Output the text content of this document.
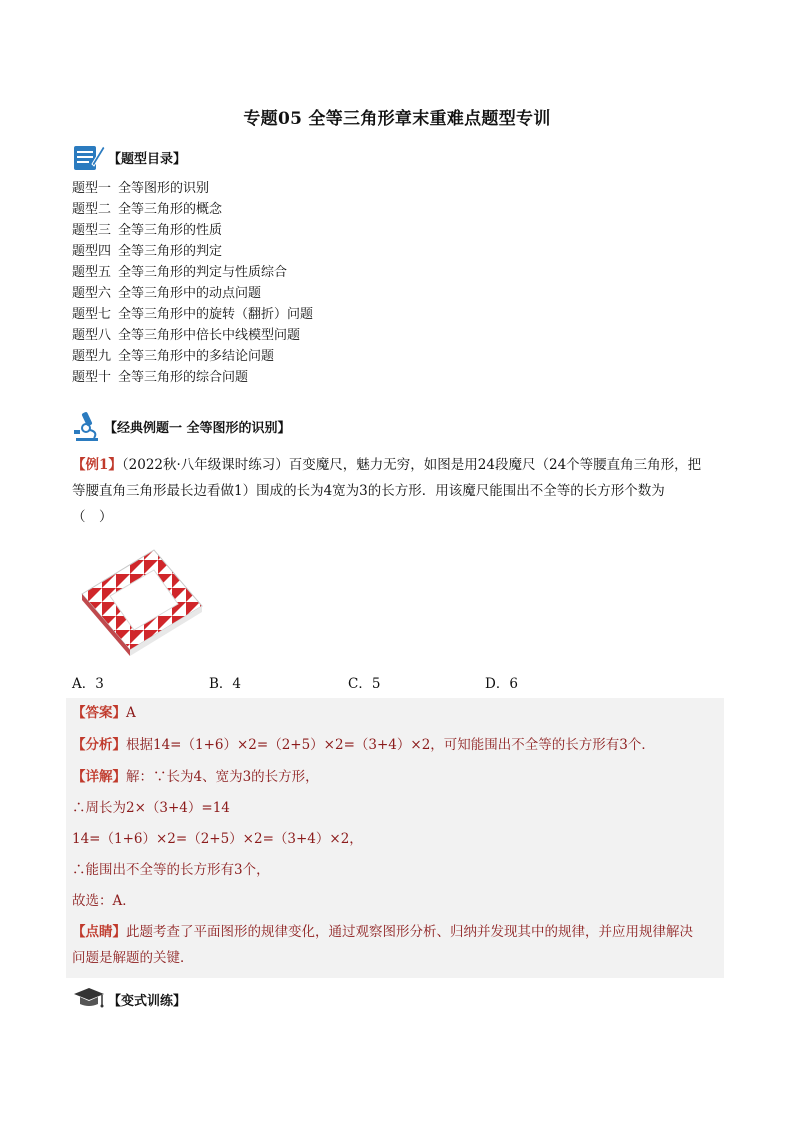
专题05 全等三角形章末重难点题型专训
【题型目录】
题型一 全等图形的识别
题型二 全等三角形的概念
题型三 全等三角形的性质
题型四 全等三角形的判定
题型五 全等三角形的判定与性质综合
题型六 全等三角形中的动点问题
题型七 全等三角形中的旋转（翻折）问题
题型八 全等三角形中倍长中线模型问题
题型九 全等三角形中的多结论问题
题型十 全等三角形的综合问题
【经典例题一 全等图形的识别】
【例1】（2022秋·八年级课时练习）百变魔尺，魅力无穷，如图是用24段魔尺（24个等腰直角三角形，把
等腰直角三角形最长边看做1）围成的长为4宽为3的长方形．用该魔尺能围出不全等的长方形个数为
（　）
A．3	B．4	C．5	D．6
【答案】A
【分析】根据14=（1+6）×2=（2+5）×2=（3+4）×2，可知能围出不全等的长方形有3个．
【详解】解：∵长为4、宽为3的长方形，
∴周长为2×（3+4）=14
14=（1+6）×2=（2+5）×2=（3+4）×2，
∴能围出不全等的长方形有3个，
故选：A．
【点睛】此题考查了平面图形的规律变化，通过观察图形分析、归纳并发现其中的规律，并应用规律解决
问题是解题的关键．
【变式训练】
